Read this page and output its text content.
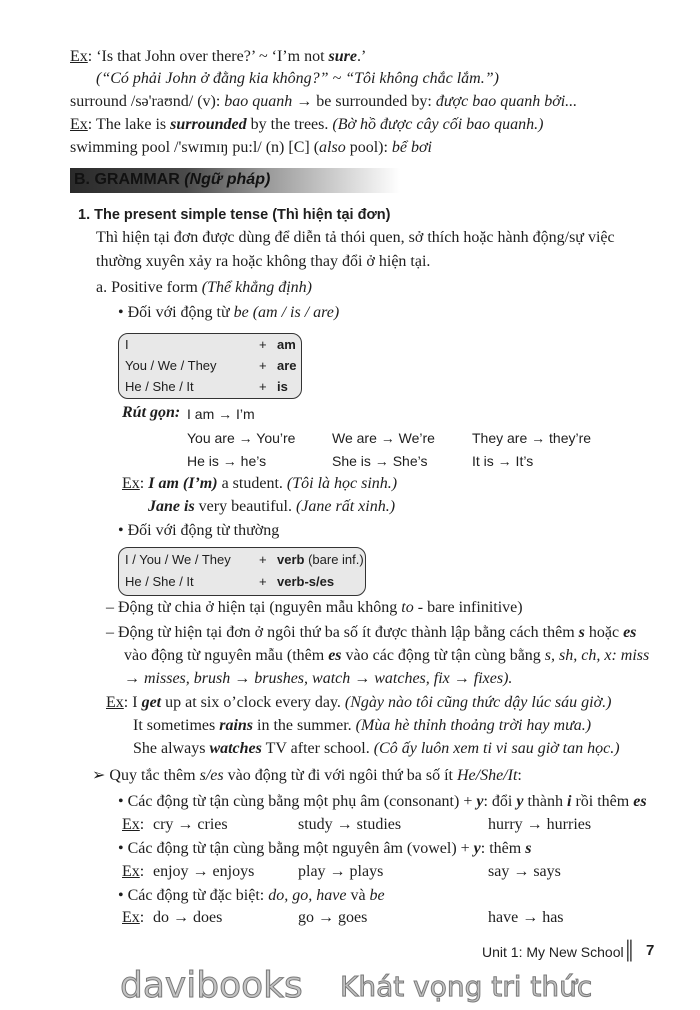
Ex: ‘Is that John over there?’ ~ ‘I’m not sure.’
(“Có phải John ở đằng kia không?” ~ “Tôi không chắc lắm.”)
surround /sə'raʊnd/ (v): bao quanh → be surrounded by: được bao quanh bởi...
Ex: The lake is surrounded by the trees. (Bờ hồ được cây cối bao quanh.)
swimming pool /'swɪmɪŋ pu:l/ (n) [C] (also pool): bể bơi
B. GRAMMAR (Ngữ pháp)
1. The present simple tense (Thì hiện tại đơn)
Thì hiện tại đơn được dùng để diễn tả thói quen, sở thích hoặc hành động/sự việc
thường xuyên xảy ra hoặc không thay đổi ở hiện tại.
a. Positive form (Thể khẳng định)
• Đối với động từ be (am / is / are)
I	+ am
You / We / They	+ are
He / She / It	+ is
Rút gọn: I am → I’m
You are → You’re	We are → We’re	They are → they’re
He is → he’s	She is → She’s	It is → It’s
Ex: I am (I’m) a student. (Tôi là học sinh.)
Jane is very beautiful. (Jane rất xinh.)
• Đối với động từ thường
I / You / We / They + verb (bare inf.)
He / She / It	+ verb-s/es
– Động từ chia ở hiện tại (nguyên mẫu không to - bare infinitive)
– Động từ hiện tại đơn ở ngôi thứ ba số ít được thành lập bằng cách thêm s hoặc es
vào động từ nguyên mẫu (thêm es vào các động từ tận cùng bằng s, sh, ch, x: miss
→ misses, brush → brushes, watch → watches, fix → fixes).
Ex: I get up at six o’clock every day. (Ngày nào tôi cũng thức dậy lúc sáu giờ.)
It sometimes rains in the summer. (Mùa hè thỉnh thoảng trời hay mưa.)
She always watches TV after school. (Cô ấy luôn xem ti vi sau giờ tan học.)
➢ Quy tắc thêm s/es vào động từ đi với ngôi thứ ba số ít He/She/It:
• Các động từ tận cùng bằng một phụ âm (consonant) + y: đổi y thành i rồi thêm es
Ex: cry → cries	study → studies	hurry → hurries
• Các động từ tận cùng bằng một nguyên âm (vowel) + y: thêm s
Ex: enjoy → enjoys	play → plays	say → says
• Các động từ đặc biệt: do, go, have và be
Ex: do → does	go → goes	have → has
Unit 1: My New School ║ 7
davibooks Khát vọng tri thức
